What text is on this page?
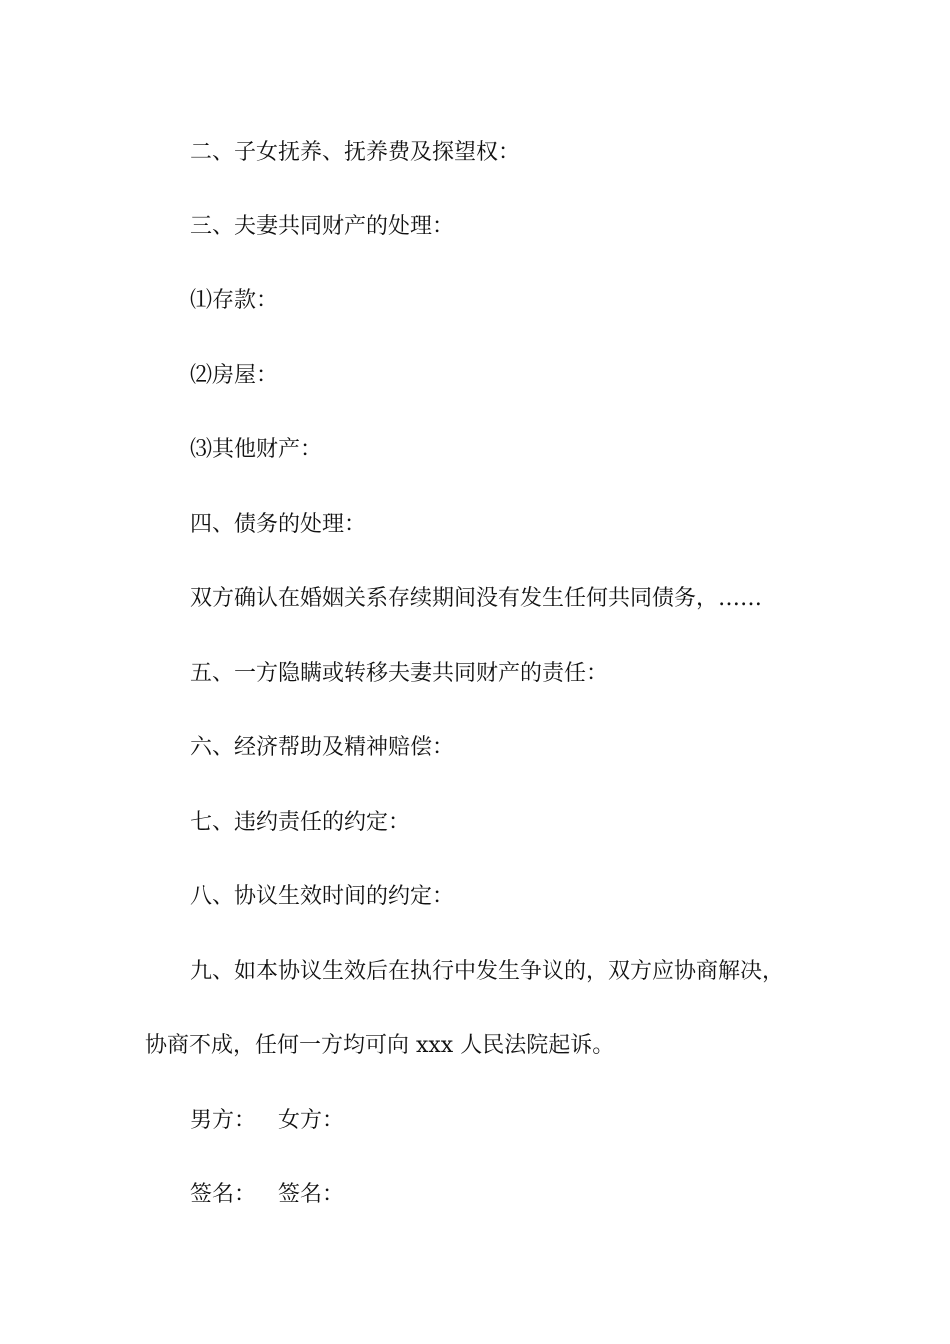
二、子女抚养、抚养费及探望权：
三、夫妻共同财产的处理：
⑴存款：
⑵房屋：
⑶其他财产：
四、债务的处理：
双方确认在婚姻关系存续期间没有发生任何共同债务，……
五、一方隐瞒或转移夫妻共同财产的责任：
六、经济帮助及精神赔偿：
七、违约责任的约定：
八、协议生效时间的约定：
九、如本协议生效后在执行中发生争议的，双方应协商解决，
协商不成，任何一方均可向 xxx 人民法院起诉。
男方： 女方：
签名： 签名：
